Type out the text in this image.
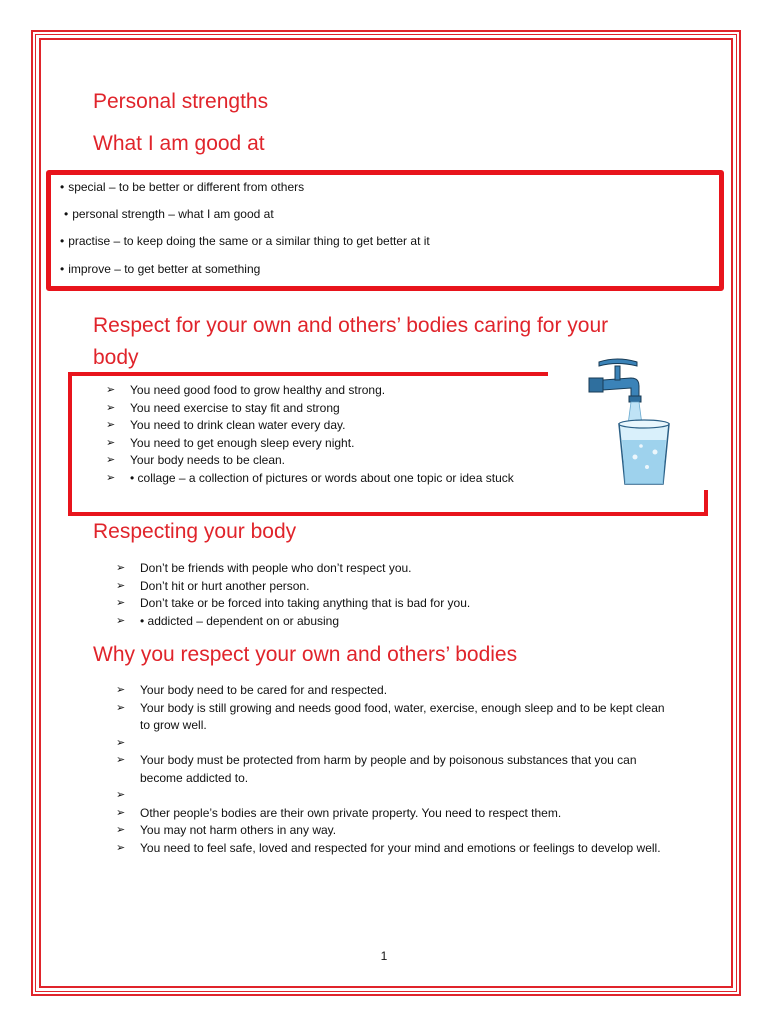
Personal strengths
What I am good at
• special – to be better or different from others
• personal strength – what I am good at
• practise – to keep doing the same or a similar thing to get better at it
• improve – to get better at something
Respect for your own and others’ bodies caring for your body
➢ You need good food to grow healthy and strong.
➢ You need exercise to stay fit and strong
➢ You need to drink clean water every day.
➢ You need to get enough sleep every night.
➢ Your body needs to be clean.
➢ • collage – a collection of pictures or words about one topic or idea stuck
Respecting your body
➢ Don’t be friends with people who don’t respect you.
➢ Don’t hit or hurt another person.
➢ Don’t take or be forced into taking anything that is bad for you.
➢ • addicted – dependent on or abusing
Why you respect your own and others’ bodies
➢ Your body need to be cared for and respected.
➢ Your body is still growing and needs good food, water, exercise, enough sleep and to be kept clean to grow well.
➢
➢ Your body must be protected from harm by people and by poisonous substances that you can become addicted to.
➢
➢ Other people’s bodies are their own private property. You need to respect them.
➢ You may not harm others in any way.
➢ You need to feel safe, loved and respected for your mind and emotions or feelings to develop well.
1
